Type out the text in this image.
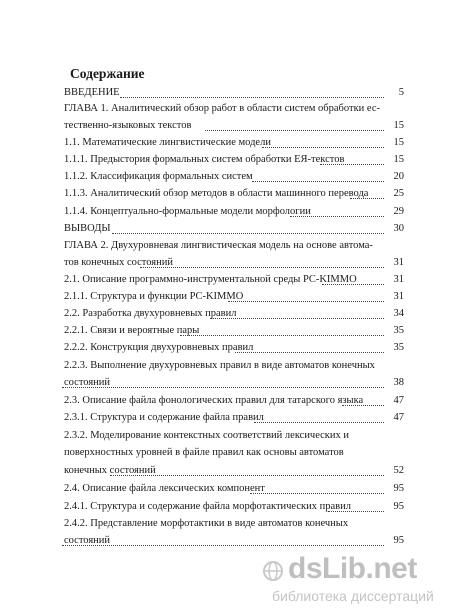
Содержание
ВВЕДЕНИЕ	5
ГЛАВА 1. Аналитический обзор работ в области систем обработки ес-
тественно-языковых текстов	15
1.1. Математические лингвистические модели	15
1.1.1. Предыстория формальных систем обработки ЕЯ-текстов	15
1.1.2. Классификация формальных систем	20
1.1.3. Аналитический обзор методов в области машинного перевода 25
1.1.4. Концептуально-формальные модели морфологии	29
ВЫВОДЫ	30
ГЛАВА 2. Двухуровневая лингвистическая модель на основе автома-
тов конечных состояний	31
2.1. Описание программно-инструментальной среды PC-KIMMO	31
2.1.1. Структура и функции PC-KIMMO	31
2.2. Разработка двухуровневых правил	34
2.2.1. Связи и вероятные пары	35
2.2.2. Конструкция двухуровневых правил	35
2.2.3. Выполнение двухуровневых правил в виде автоматов конечных
состояний	38
2.3. Описание файла фонологических правил для татарского языка	47
2.3.1. Структура и содержание файла правил	47
2.3.2. Моделирование контекстных соответствий лексических и
поверхностных уровней в файле правил как основы автоматов
конечных состояний	52
2.4. Описание файла лексических компонент	95
2.4.1. Структура и содержание файла морфотактических правил	95
2.4.2. Представление морфотактики в виде автоматов конечных
состояний	95
dsLib.net
библиотека диссертаций
